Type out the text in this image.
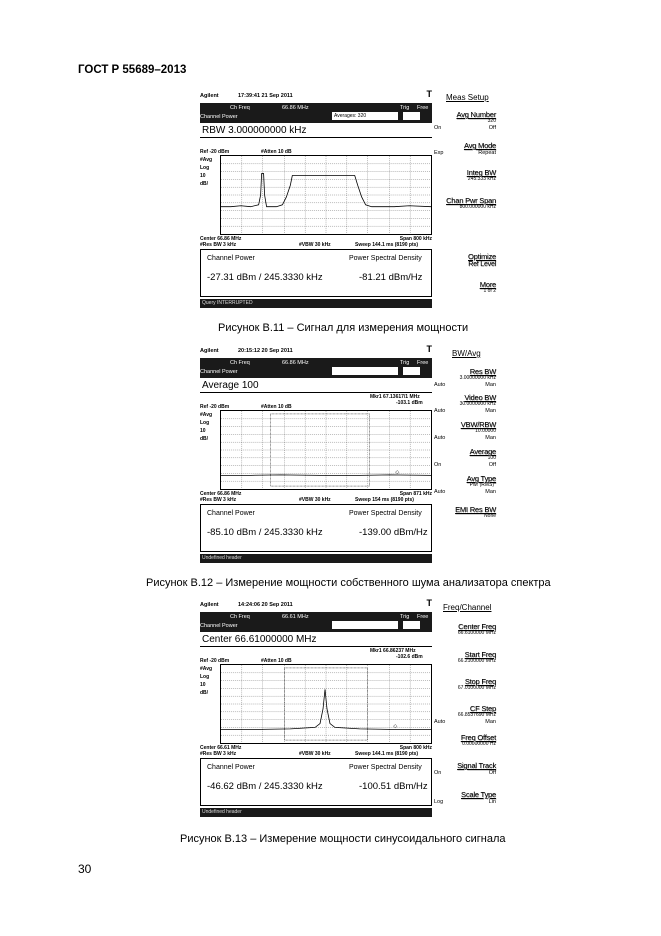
ГОСТ Р 55689–2013
Agilent	17:39:41 21 Sep 2011	T
Ch Freq	66.86 MHz	Trig Free
Channel Power	Averages: 320
RBW 3.000000000 kHz
Ref -20 dBm	#Atten 10 dB
#Avg
Log
10
dB/
Center 66.86 MHz	Span 800 kHz
#Res BW 3 kHz	#VBW 30 kHz	Sweep 144.1 ms (8190 pts)
Channel Power	Power Spectral Density
-27.31 dBm / 245.3330 kHz	-81.21 dBm/Hz
Query INTERRUPTED
Meas Setup
Avg Number
320
On	Off
Avg Mode
Exp	Repeat
Integ BW
245.333 kHz
Chan Pwr Span
800.000000 kHz
Optimize
Ref Level
More
1 of 2
Рисунок В.11 – Сигнал для измерения мощности
Agilent	20:15:12 20 Sep 2011	T
Ch Freq	66.86 MHz	Trig Free
Channel Power
Average 100
Mkr1 67.13617/1 MHz
-103.1 dBm
Ref -20 dBm	#Atten 10 dB
#Avg
Log
10
dB/
◇
Center 66.86 MHz	Span 871 kHz
#Res BW 3 kHz	#VBW 30 kHz	Sweep 154 ms (8190 pts)
Channel Power	Power Spectral Density
-85.10 dBm / 245.3330 kHz	-139.00 dBm/Hz
Undefined header
BW/Avg
Res BW
3.00000000 kHz
Auto	Man
Video BW
30.0000000 kHz
Auto	Man
VBW/RBW
10.00000
Auto	Man
Average
100
On	Off
Avg Type
Pwr (RMS)*
Auto	Man
EMI Res BW
None
Рисунок В.12 – Измерение мощности собственного шума анализатора спектра
Agilent	14:24:06 20 Sep 2011	T
Ch Freq	66.61 MHz	Trig Free
Channel Power
Center 66.61000000 MHz
Mkr1 66.86237 MHz
-102.6 dBm
Ref -20 dBm	#Atten 10 dB
#Avg
Log
10
dB/
◇
Center 66.61 MHz	Span 800 kHz
#Res BW 3 kHz	#VBW 30 kHz	Sweep 144.1 ms (8190 pts)
Channel Power	Power Spectral Density
-46.62 dBm / 245.3330 kHz	-100.51 dBm/Hz
Undefined header
Freq/Channel
Center Freq
66.6100000 MHz
Start Freq
66.2100000 MHz
Stop Freq
67.0100000 MHz
CF Step
66.8537690 MHz
Auto	Man
Freq Offset
0.00000000 Hz
Signal Track
On	Off
Scale Type
Log	Lin
Рисунок В.13 – Измерение мощности синусоидального сигнала
30
